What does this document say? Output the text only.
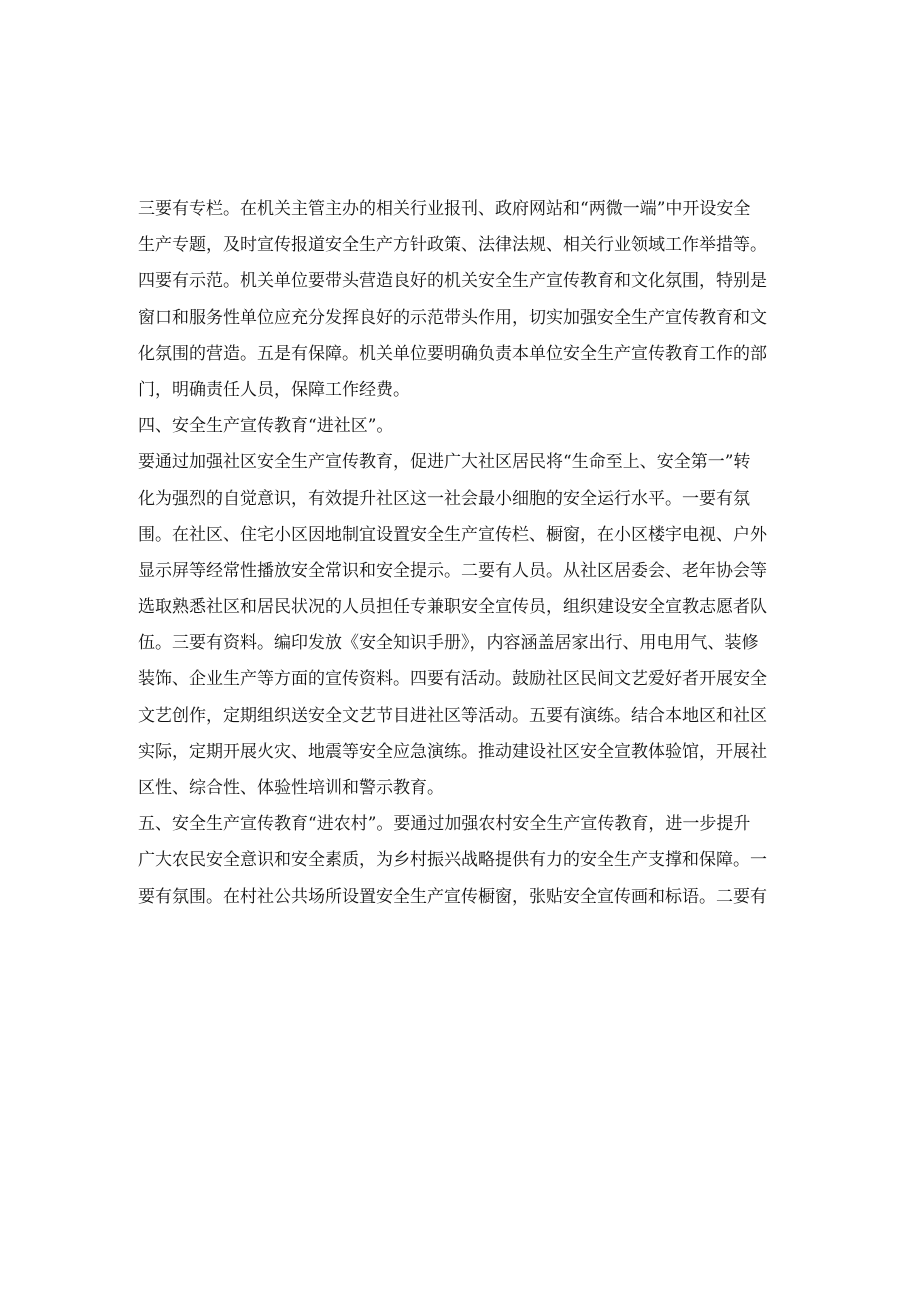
三要有专栏。在机关主管主办的相关行业报刊、政府网站和“两微一端”中开设安全
生产专题，及时宣传报道安全生产方针政策、法律法规、相关行业领域工作举措等。
四要有示范。机关单位要带头营造良好的机关安全生产宣传教育和文化氛围，特别是
窗口和服务性单位应充分发挥良好的示范带头作用，切实加强安全生产宣传教育和文
化氛围的营造。五是有保障。机关单位要明确负责本单位安全生产宣传教育工作的部
门，明确责任人员，保障工作经费。
四、安全生产宣传教育“进社区”。
要通过加强社区安全生产宣传教育，促进广大社区居民将“生命至上、安全第一”转
化为强烈的自觉意识，有效提升社区这一社会最小细胞的安全运行水平。一要有氛
围。在社区、住宅小区因地制宜设置安全生产宣传栏、橱窗，在小区楼宇电视、户外
显示屏等经常性播放安全常识和安全提示。二要有人员。从社区居委会、老年协会等
选取熟悉社区和居民状况的人员担任专兼职安全宣传员，组织建设安全宣教志愿者队
伍。三要有资料。编印发放《安全知识手册》，内容涵盖居家出行、用电用气、装修
装饰、企业生产等方面的宣传资料。四要有活动。鼓励社区民间文艺爱好者开展安全
文艺创作，定期组织送安全文艺节目进社区等活动。五要有演练。结合本地区和社区
实际，定期开展火灾、地震等安全应急演练。推动建设社区安全宣教体验馆，开展社
区性、综合性、体验性培训和警示教育。
五、安全生产宣传教育“进农村”。要通过加强农村安全生产宣传教育，进一步提升
广大农民安全意识和安全素质，为乡村振兴战略提供有力的安全生产支撑和保障。一
要有氛围。在村社公共场所设置安全生产宣传橱窗，张贴安全宣传画和标语。二要有
